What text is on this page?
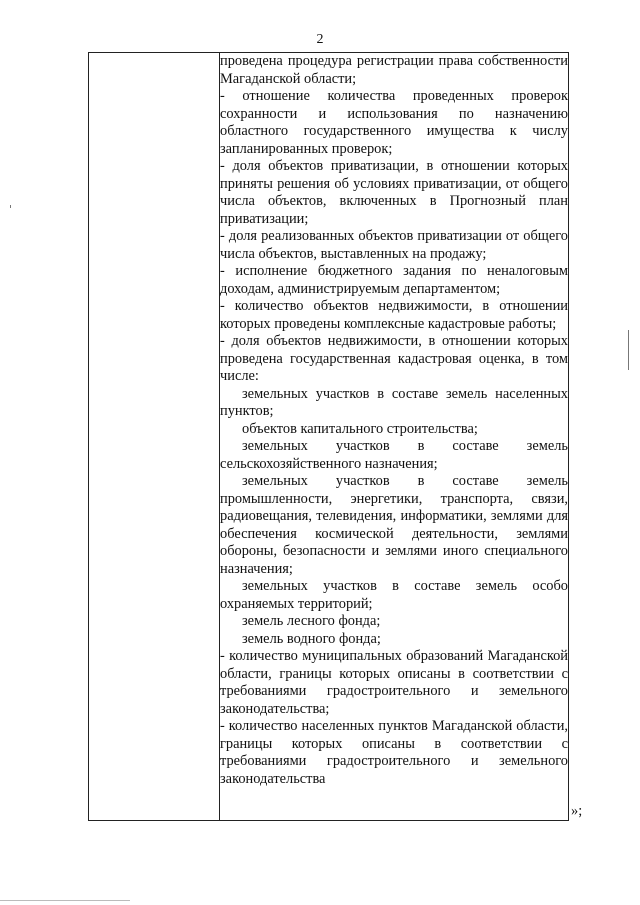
2

проведена процедура регистрации права собственности Магаданской области;

- отношение количества проведенных проверок сохранности и использования по назначению областного государственного имущества к числу запланированных проверок;

- доля объектов приватизации, в отношении которых приняты решения об условиях приватизации, от общего числа объектов, включенных в Прогнозный план приватизации;

- доля реализованных объектов приватизации от общего числа объектов, выставленных на продажу;

- исполнение бюджетного задания по неналоговым доходам, администрируемым департаментом;

- количество объектов недвижимости, в отношении которых проведены комплексные кадастровые работы;

- доля объектов недвижимости, в отношении которых проведена государственная кадастровая оценка, в том числе:

земельных участков в составе земель населенных пунктов;

объектов капитального строительства;

земельных участков в составе земель сельскохозяйственного назначения;

земельных участков в составе земель промышленности, энергетики, транспорта, связи, радиовещания, телевидения, информатики, землями для обеспечения космической деятельности, землями обороны, безопасности и землями иного специального назначения;

земельных участков в составе земель особо охраняемых территорий;

земель лесного фонда;

земель водного фонда;

- количество муниципальных образований Магаданской области, границы которых описаны в соответствии с требованиями градостроительного и земельного законодательства;

- количество населенных пунктов Магаданской области, границы которых описаны в соответствии с требованиями градостроительного и земельного законодательства

»;
